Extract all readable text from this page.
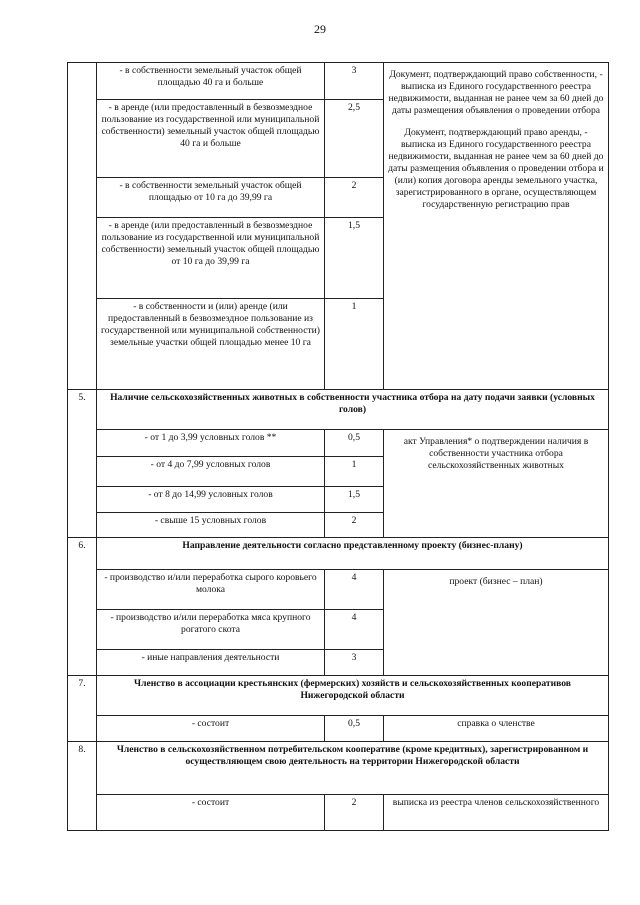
29
	- в собственности земельный участок общей площадью 40 га и больше	3	Документ, подтверждающий право собственности, - выписка из Единого государственного реестра недвижимости, выданная не ранее чем за 60 дней до даты размещения объявления о проведении отбора
Документ, подтверждающий право аренды, - выписка из Единого государственного реестра недвижимости, выданная не ранее чем за 60 дней до даты размещения объявления о проведении отбора и (или) копия договора аренды земельного участка, зарегистрированного в органе, осуществляющем государственную регистрацию прав

	- в аренде (или предоставленный в безвозмездное пользование из государственной или муниципальной собственности) земельный участок общей площадью 40 га и больше	2,5	
	- в собственности земельный участок общей площадью от 10 га до 39,99 га	2	
	- в аренде (или предоставленный в безвозмездное пользование из государственной или муниципальной собственности) земельный участок общей площадью от 10 га до 39,99 га	1,5	
	- в собственности и (или) аренде (или предоставленный в безвозмездное пользование из государственной или муниципальной собственности) земельные участки общей площадью менее 10 га	1	
5.	Наличие сельскохозяйственных животных в собственности участника отбора на дату подачи заявки (условных голов)		
	- от 1 до 3,99 условных голов **	0,5	акт Управления* о подтверждении наличия в собственности участника отбора сельскохозяйственных животных
	- от 4 до 7,99 условных голов	1	
	- от 8 до 14,99 условных голов	1,5	
	- свыше 15 условных голов	2	
6.	Направление деятельности согласно представленному проекту (бизнес-плану)		
	- производство и/или переработка сырого коровьего молока	4	проект (бизнес – план)
	- производство и/или переработка мяса крупного рогатого скота	4	
	- иные направления деятельности	3	
7.	Членство в ассоциации крестьянских (фермерских) хозяйств и сельскохозяйственных кооперативов Нижегородской области		
	- состоит	0,5	справка о членстве
8.	Членство в сельскохозяйственном потребительском кооперативе (кроме кредитных), зарегистрированном и осуществляющем свою деятельность на территории Нижегородской области		
	- состоит	2	выписка из реестра членов сельскохозяйственного
